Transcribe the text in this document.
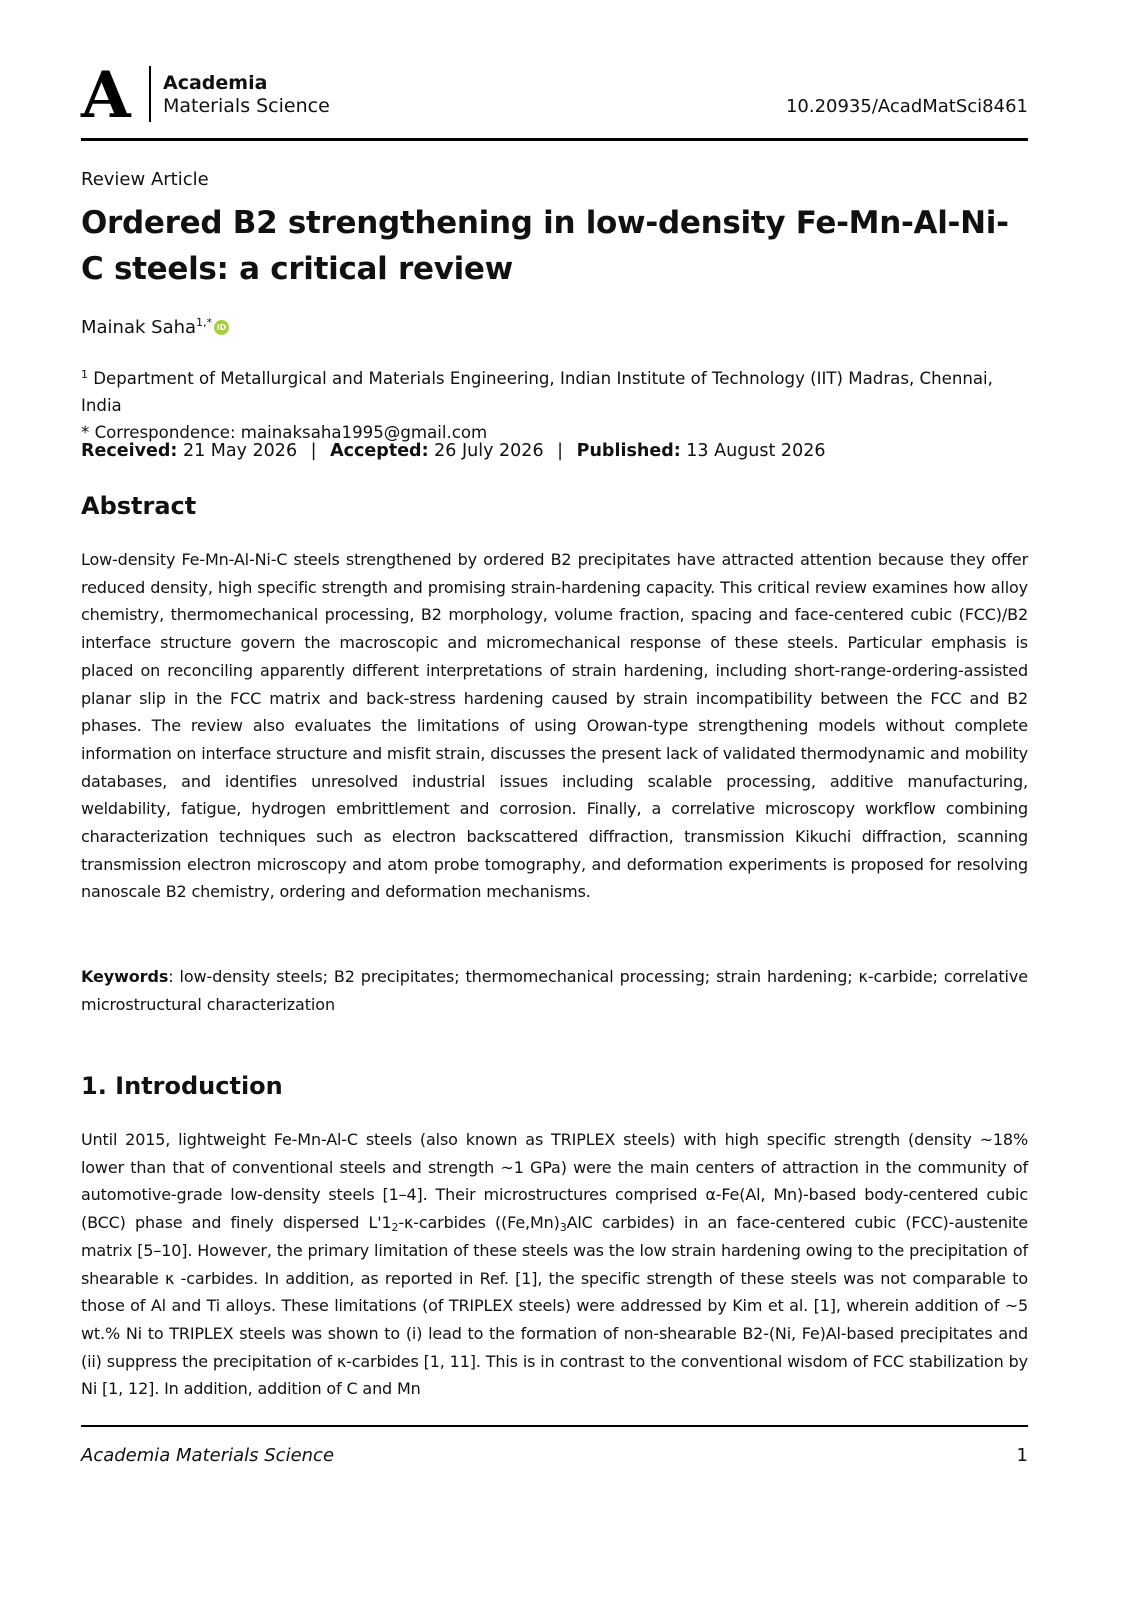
A Academia
Materials Science	10.20935/AcadMatSci8461
Review Article
Ordered B2 strengthening in low-density Fe-Mn-Al-Ni-C steels: a critical review
Mainak Saha$^{1,*}$ iD
$^1$ Department of Metallurgical and Materials Engineering, Indian Institute of Technology (IIT) Madras, Chennai, India
* Correspondence: mainaksaha1995@gmail.com
Received: 21 May 2026 | Accepted: 26 July 2026 | Published: 13 August 2026
Abstract
Low-density Fe-Mn-Al-Ni-C steels strengthened by ordered B2 precipitates have attracted attention because they offer reduced density, high specific strength and promising strain-hardening capacity. This critical review examines how alloy chemistry, thermomechanical processing, B2 morphology, volume fraction, spacing and face-centered cubic (FCC)/B2 interface structure govern the macroscopic and micromechanical response of these steels. Particular emphasis is placed on reconciling apparently different interpretations of strain hardening, including short-range-ordering-assisted planar slip in the FCC matrix and back-stress hardening caused by strain incompatibility between the FCC and B2 phases. The review also evaluates the limitations of using Orowan-type strengthening models without complete information on interface structure and misfit strain, discusses the present lack of validated thermodynamic and mobility databases, and identifies unresolved industrial issues including scalable processing, additive manufacturing, weldability, fatigue, hydrogen embrittlement and corrosion. Finally, a correlative microscopy workflow combining characterization techniques such as electron backscattered diffraction, transmission Kikuchi diffraction, scanning transmission electron microscopy and atom probe tomography, and deformation experiments is proposed for resolving nanoscale B2 chemistry, ordering and deformation mechanisms.
Keywords: low-density steels; B2 precipitates; thermomechanical processing; strain hardening; κ-carbide; correlative microstructural characterization
1. Introduction
Until 2015, lightweight Fe-Mn-Al-C steels (also known as TRIPLEX steels) with high specific strength (density ~18% lower than that of conventional steels and strength ~1 GPa) were the main centers of attraction in the community of automotive-grade low-density steels [1–4]. Their microstructures comprised α-Fe(Al, Mn)-based body-centered cubic (BCC) phase and finely dispersed $L'1_2-\kappa$-carbides ($(Fe,Mn)_3AlC$ carbides) in an face-centered cubic (FCC)-austenite matrix [5–10]. However, the primary limitation of these steels was the low strain hardening owing to the precipitation of shearable κ -carbides. In addition, as reported in Ref. [1], the specific strength of these steels was not comparable to those of Al and Ti alloys. These limitations (of TRIPLEX steels) were addressed by Kim et al. [1], wherein addition of ~5 wt.% Ni to TRIPLEX steels was shown to (i) lead to the formation of non-shearable B2-(Ni, Fe)Al-based precipitates and (ii) suppress the precipitation of κ-carbides [1, 11]. This is in contrast to the conventional wisdom of FCC stabilization by Ni [1, 12]. In addition, addition of C and Mn
Academia Materials Science	1
